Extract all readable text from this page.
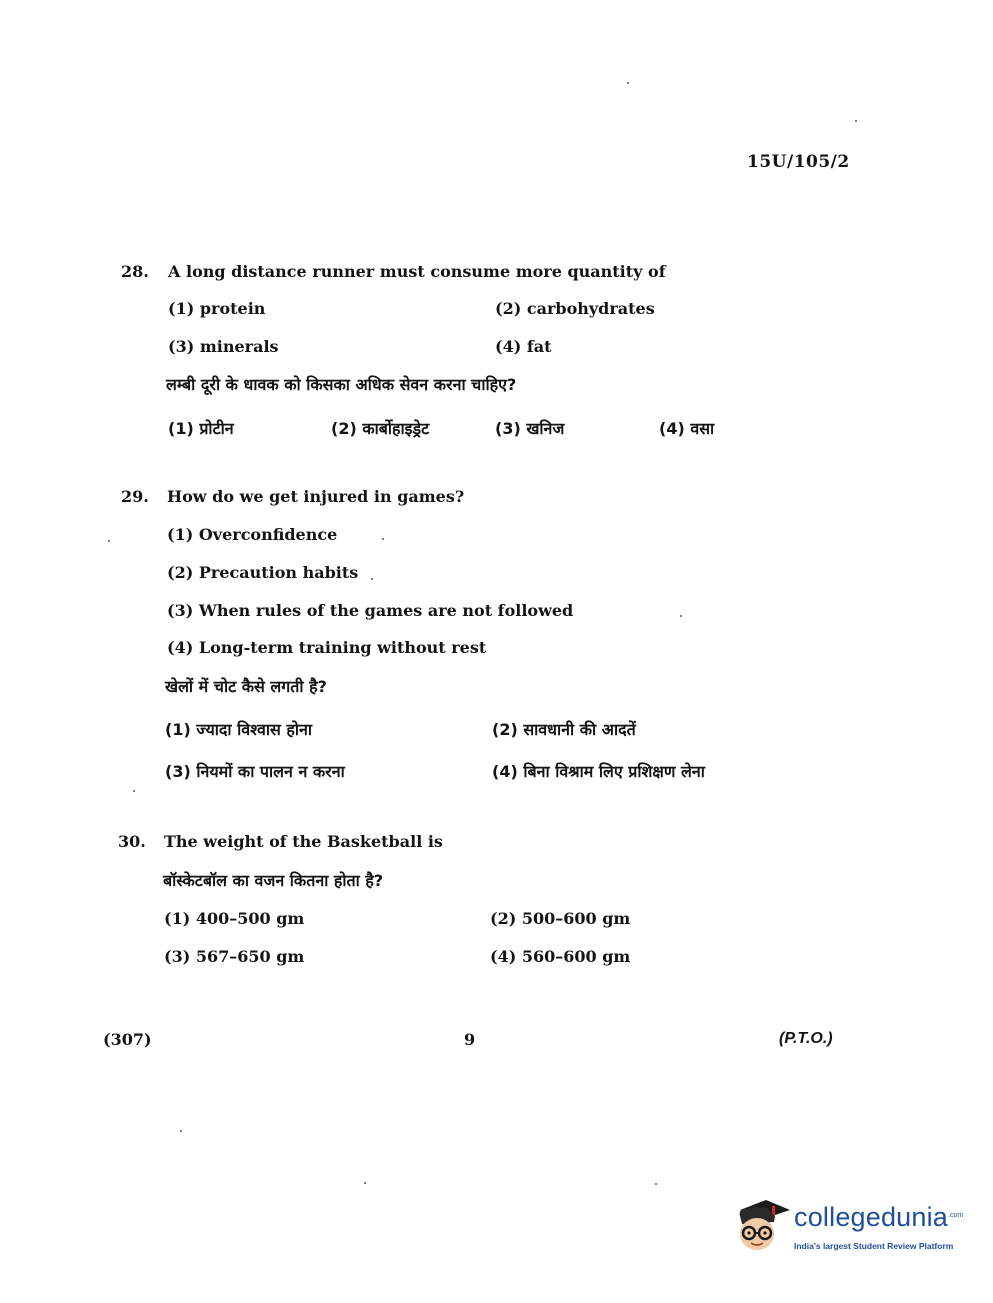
15U/105/2
28. A long distance runner must consume more quantity of
(1) protein	(2) carbohydrates
(3) minerals	(4) fat
लम्बी दूरी के धावक को किसका अधिक सेवन करना चाहिए?
(1) प्रोटीन	(2) कार्बोहाइड्रेट	(3) खनिज	(4) वसा
29. How do we get injured in games?
(1) Overconfidence
(2) Precaution habits
(3) When rules of the games are not followed
(4) Long-term training without rest
खेलों में चोट कैसे लगती है?
(1) ज्यादा विश्वास होना	(2) सावधानी की आदतें
(3) नियमों का पालन न करना	(4) बिना विश्राम लिए प्रशिक्षण लेना
30. The weight of the Basketball is
बॉस्केटबॉल का वजन कितना होता है?
(1) 400–500 gm	(2) 500–600 gm
(3) 567–650 gm	(4) 560–600 gm
(307)	9	(P.T.O.)
collegedunia .com
India's largest Student Review Platform
